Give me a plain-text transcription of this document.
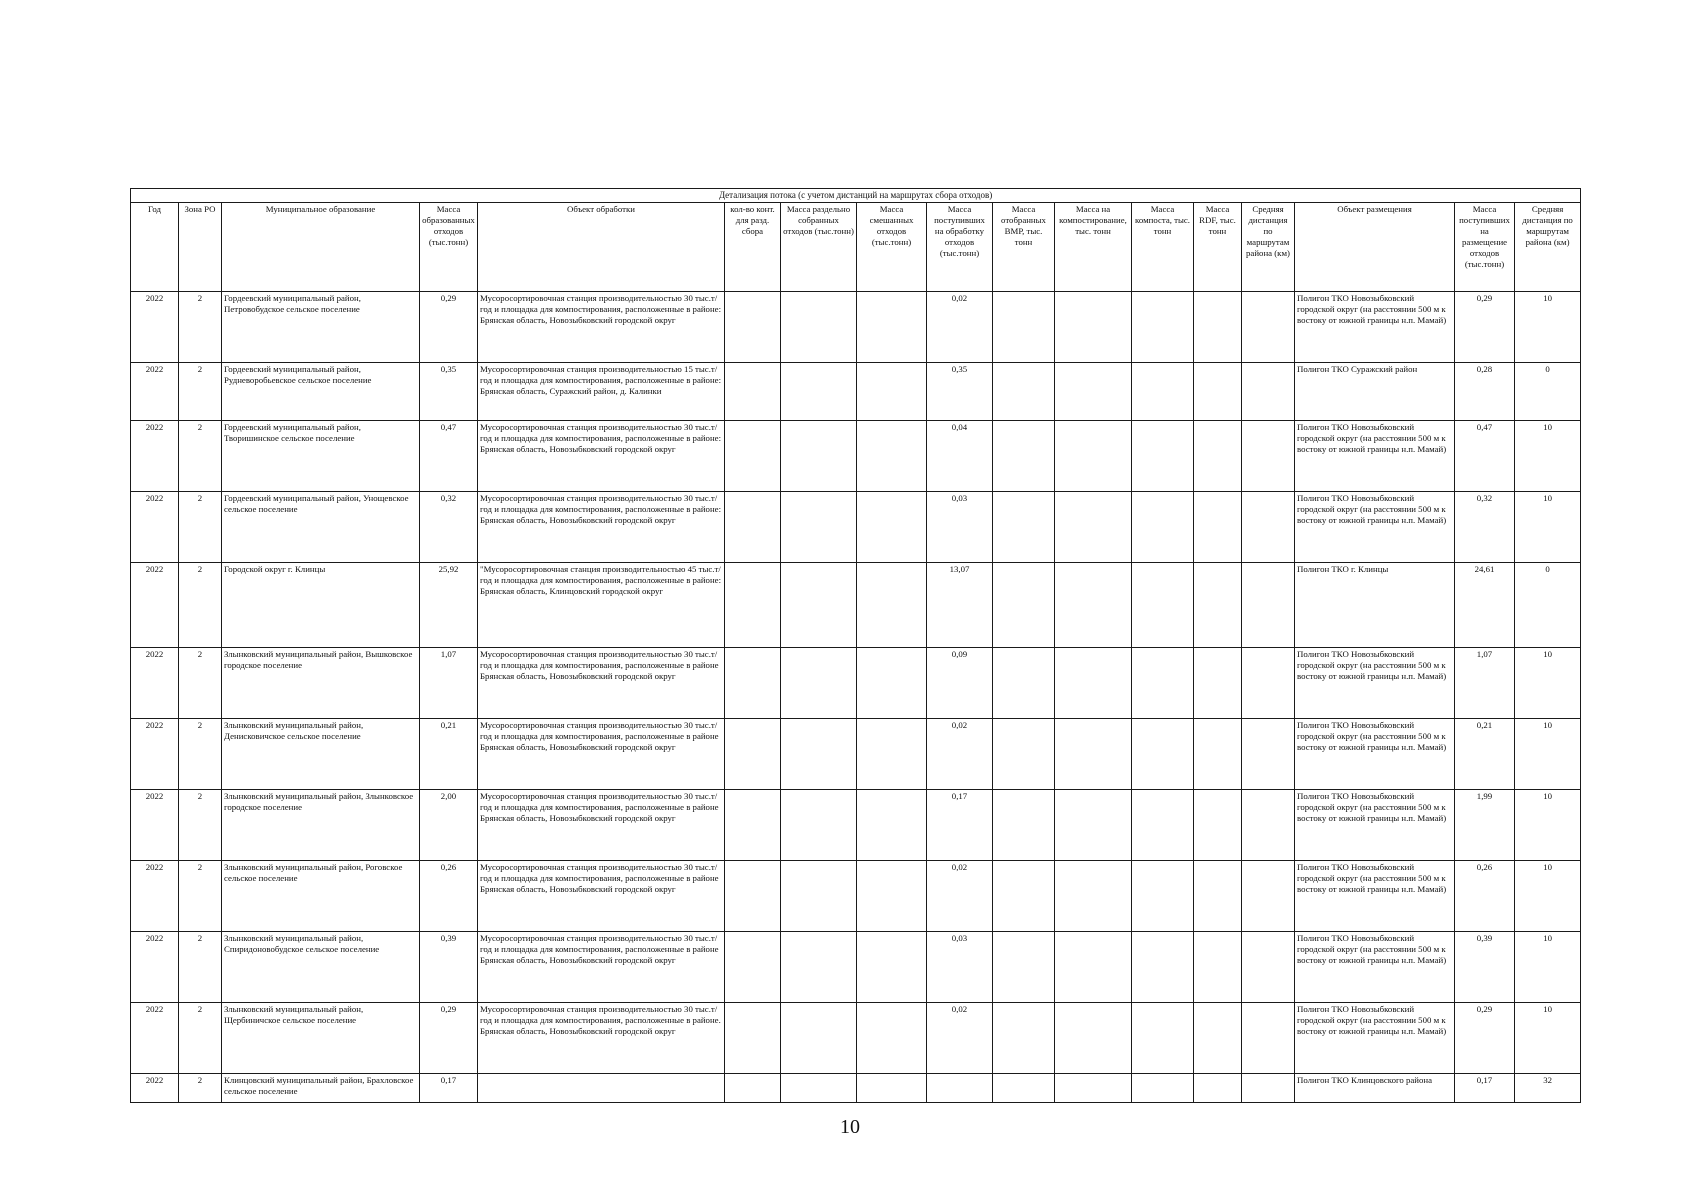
Детализация потока (с учетом дистанций на маршрутах сбора отходов)																
Год	Зона РО	Муниципальное образование	Масса образованных отходов (тыс.тонн)	Объект обработки	кол-во конт. для разд. сбора	Масса раздельно собранных отходов (тыс.тонн)	Масса смешанных отходов (тыс.тонн)	Масса поступивших на обработку отходов (тыс.тонн)	Масса отобранных ВМР, тыс. тонн	Масса на компостирование, тыс. тонн	Масса компоста, тыс. тонн	Масса RDF, тыс. тонн	Средняя дистанция по маршрутам района (км)	Объект размещения	Масса поступивших на размещение отходов (тыс.тонн)	Средняя дистанция по маршрутам района (км)
2022	2	Гордеевский муниципальный район, Петровобудское сельское поселение	0,29	Мусоросортировочная станция производительностью 30 тыс.т/год и площадка для компостирования, расположенные в районе: Брянская область, Новозыбковский городской округ				0,02						Полигон ТКО Новозыбковский городской округ (на расстоянии 500 м к востоку от южной границы н.п. Мамай)	0,29	10
2022	2	Гордеевский муниципальный район, Рудневоробьевское сельское поселение	0,35	Мусоросортировочная станция производительностью 15 тыс.т/год и площадка для компостирования, расположенные в районе: Брянская область, Суражский район, д. Калинки				0,35						Полигон ТКО Суражский район	0,28	0
2022	2	Гордеевский муниципальный район, Творишинское сельское поселение	0,47	Мусоросортировочная станция производительностью 30 тыс.т/год и площадка для компостирования, расположенные в районе: Брянская область, Новозыбковский городской округ				0,04						Полигон ТКО Новозыбковский городской округ (на расстоянии 500 м к востоку от южной границы н.п. Мамай)	0,47	10
2022	2	Гордеевский муниципальный район, Унощевское сельское поселение	0,32	Мусоросортировочная станция производительностью 30 тыс.т/год и площадка для компостирования, расположенные в районе: Брянская область, Новозыбковский городской округ				0,03						Полигон ТКО Новозыбковский городской округ (на расстоянии 500 м к востоку от южной границы н.п. Мамай)	0,32	10
2022	2	Городской округ г. Клинцы	25,92	"Мусоросортировочная станция производительностью 45 тыс.т/год и площадка для компостирования, расположенные в районе: Брянская область, Клинцовский городской округ				13,07						Полигон ТКО г. Клинцы	24,61	0
2022	2	Злынковский муниципальный район, Вышковское городское поселение	1,07	Мусоросортировочная станция производительностью 30 тыс.т/год и площадка для компостирования, расположенные в районе Брянская область, Новозыбковский городской округ				0,09						Полигон ТКО Новозыбковский городской округ (на расстоянии 500 м к востоку от южной границы н.п. Мамай)	1,07	10
2022	2	Злынковский муниципальный район, Денисковичское сельское поселение	0,21	Мусоросортировочная станция производительностью 30 тыс.т/год и площадка для компостирования, расположенные в районе Брянская область, Новозыбковский городской округ				0,02						Полигон ТКО Новозыбковский городской округ (на расстоянии 500 м к востоку от южной границы н.п. Мамай)	0,21	10
2022	2	Злынковский муниципальный район, Злынковское городское поселение	2,00	Мусоросортировочная станция производительностью 30 тыс.т/год и площадка для компостирования, расположенные в районе Брянская область, Новозыбковский городской округ				0,17						Полигон ТКО Новозыбковский городской округ (на расстоянии 500 м к востоку от южной границы н.п. Мамай)	1,99	10
2022	2	Злынковский муниципальный район, Роговское сельское поселение	0,26	Мусоросортировочная станция производительностью 30 тыс.т/год и площадка для компостирования, расположенные в районе Брянская область, Новозыбковский городской округ				0,02						Полигон ТКО Новозыбковский городской округ (на расстоянии 500 м к востоку от южной границы н.п. Мамай)	0,26	10
2022	2	Злынковский муниципальный район, Спиридоновобудское сельское поселение	0,39	Мусоросортировочная станция производительностью 30 тыс.т/год и площадка для компостирования, расположенные в районе Брянская область, Новозыбковский городской округ				0,03						Полигон ТКО Новозыбковский городской округ (на расстоянии 500 м к востоку от южной границы н.п. Мамай)	0,39	10
2022	2	Злынковский муниципальный район, Щербиничское сельское поселение	0,29	Мусоросортировочная станция производительностью 30 тыс.т/год и площадка для компостирования, расположенные в районе. Брянская область, Новозыбковский городской округ				0,02						Полигон ТКО Новозыбковский городской округ (на расстоянии 500 м к востоку от южной границы н.п. Мамай)	0,29	10
2022	2	Клинцовский муниципальный район, Брахловское сельское поселение	0,17											Полигон ТКО Клинцовского района	0,17	32
10
